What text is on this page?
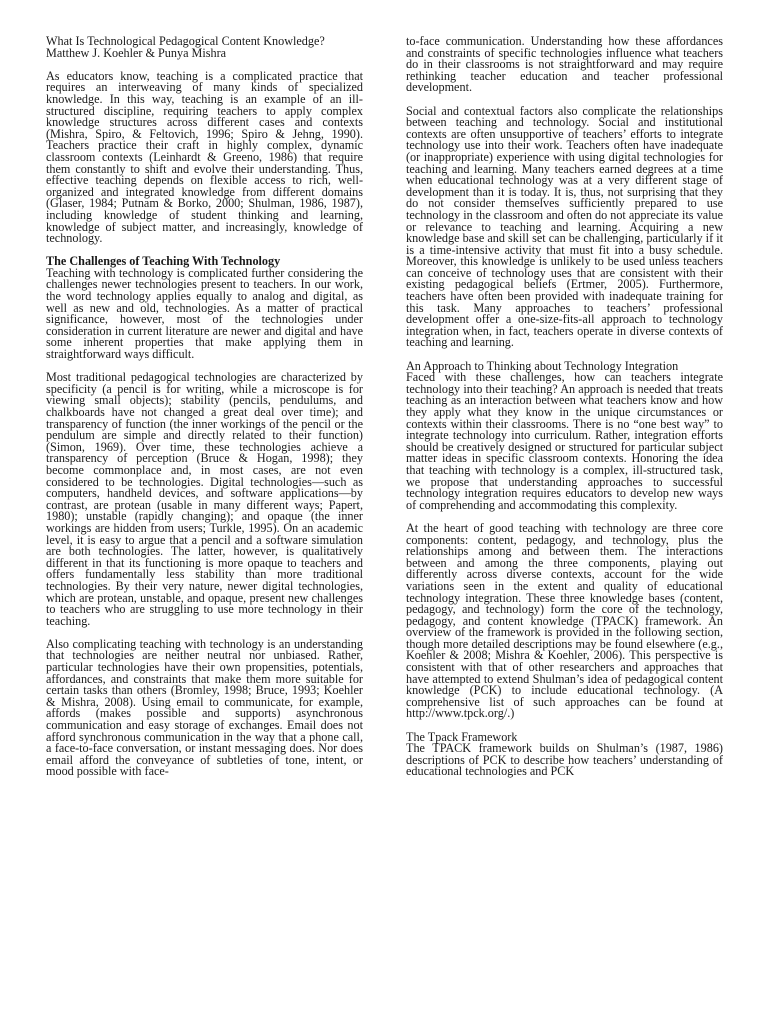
What Is Technological Pedagogical Content Knowledge?

Matthew J. Koehler & Punya Mishra

As educators know, teaching is a complicated practice that requires an interweaving of many kinds of specialized knowledge. In this way, teaching is an example of an ill-structured discipline, requiring teachers to apply complex knowledge structures across different cases and contexts (Mishra, Spiro, & Feltovich, 1996; Spiro & Jehng, 1990). Teachers practice their craft in highly complex, dynamic classroom contexts (Leinhardt & Greeno, 1986) that require them constantly to shift and evolve their understanding. Thus, effective teaching depends on flexible access to rich, well-organized and integrated knowledge from different domains (Glaser, 1984; Putnam & Borko, 2000; Shulman, 1986, 1987), including knowledge of student thinking and learning, knowledge of subject matter, and increasingly, knowledge of technology.

The Challenges of Teaching With Technology

Teaching with technology is complicated further considering the challenges newer technologies present to teachers. In our work, the word technology applies equally to analog and digital, as well as new and old, technologies. As a matter of practical significance, however, most of the technologies under consideration in current literature are newer and digital and have some inherent properties that make applying them in straightforward ways difficult.

Most traditional pedagogical technologies are characterized by specificity (a pencil is for writing, while a microscope is for viewing small objects); stability (pencils, pendulums, and chalkboards have not changed a great deal over time); and transparency of function (the inner workings of the pencil or the pendulum are simple and directly related to their function) (Simon, 1969). Over time, these technologies achieve a transparency of perception (Bruce & Hogan, 1998); they become commonplace and, in most cases, are not even considered to be technologies. Digital technologies—such as computers, handheld devices, and software applications—by contrast, are protean (usable in many different ways; Papert, 1980); unstable (rapidly changing); and opaque (the inner workings are hidden from users; Turkle, 1995). On an academic level, it is easy to argue that a pencil and a software simulation are both technologies. The latter, however, is qualitatively different in that its functioning is more opaque to teachers and offers fundamentally less stability than more traditional technologies. By their very nature, newer digital technologies, which are protean, unstable, and opaque, present new challenges to teachers who are struggling to use more technology in their teaching.

Also complicating teaching with technology is an understanding that technologies are neither neutral nor unbiased. Rather, particular technologies have their own propensities, potentials, affordances, and constraints that make them more suitable for certain tasks than others (Bromley, 1998; Bruce, 1993; Koehler & Mishra, 2008). Using email to communicate, for example, affords (makes possible and supports) asynchronous communication and easy storage of exchanges. Email does not afford synchronous communication in the way that a phone call, a face-to-face conversation, or instant messaging does. Nor does email afford the conveyance of subtleties of tone, intent, or mood possible with face-

to-face communication. Understanding how these affordances and constraints of specific technologies influence what teachers do in their classrooms is not straightforward and may require rethinking teacher education and teacher professional development.

Social and contextual factors also complicate the relationships between teaching and technology. Social and institutional contexts are often unsupportive of teachers’ efforts to integrate technology use into their work. Teachers often have inadequate (or inappropriate) experience with using digital technologies for teaching and learning. Many teachers earned degrees at a time when educational technology was at a very different stage of development than it is today. It is, thus, not surprising that they do not consider themselves sufficiently prepared to use technology in the classroom and often do not appreciate its value or relevance to teaching and learning. Acquiring a new knowledge base and skill set can be challenging, particularly if it is a time-intensive activity that must fit into a busy schedule. Moreover, this knowledge is unlikely to be used unless teachers can conceive of technology uses that are consistent with their existing pedagogical beliefs (Ertmer, 2005). Furthermore, teachers have often been provided with inadequate training for this task. Many approaches to teachers’ professional development offer a one-size-fits-all approach to technology integration when, in fact, teachers operate in diverse contexts of teaching and learning.

An Approach to Thinking about Technology Integration

Faced with these challenges, how can teachers integrate technology into their teaching? An approach is needed that treats teaching as an interaction between what teachers know and how they apply what they know in the unique circumstances or contexts within their classrooms. There is no “one best way” to integrate technology into curriculum. Rather, integration efforts should be creatively designed or structured for particular subject matter ideas in specific classroom contexts. Honoring the idea that teaching with technology is a complex, ill-structured task, we propose that understanding approaches to successful technology integration requires educators to develop new ways of comprehending and accommodating this complexity.

At the heart of good teaching with technology are three core components: content, pedagogy, and technology, plus the relationships among and between them. The interactions between and among the three components, playing out differently across diverse contexts, account for the wide variations seen in the extent and quality of educational technology integration. These three knowledge bases (content, pedagogy, and technology) form the core of the technology, pedagogy, and content knowledge (TPACK) framework. An overview of the framework is provided in the following section, though more detailed descriptions may be found elsewhere (e.g., Koehler & 2008; Mishra & Koehler, 2006). This perspective is consistent with that of other researchers and approaches that have attempted to extend Shulman’s idea of pedagogical content knowledge (PCK) to include educational technology. (A comprehensive list of such approaches can be found at http://www.tpck.org/.)

The Tpack Framework

The TPACK framework builds on Shulman’s (1987, 1986) descriptions of PCK to describe how teachers’ understanding of educational technologies and PCK
